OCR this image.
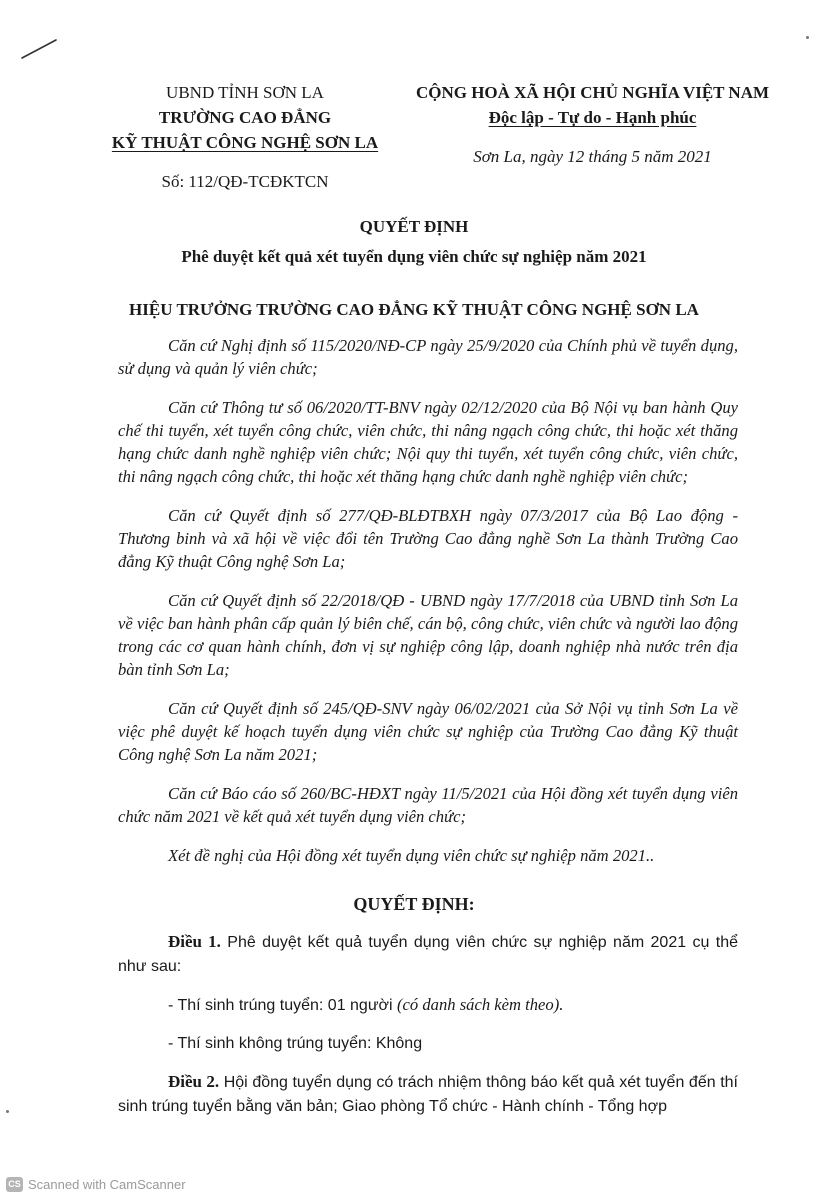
UBND TỈNH SƠN LA
TRƯỜNG CAO ĐẲNG
KỸ THUẬT CÔNG NGHỆ SƠN LA
Số: 112/QĐ-TCĐKTCN
CỘNG HOÀ XÃ HỘI CHỦ NGHĨA VIỆT NAM
Độc lập - Tự do - Hạnh phúc
Sơn La, ngày 12 tháng 5 năm 2021
QUYẾT ĐỊNH
Phê duyệt kết quả xét tuyển dụng viên chức sự nghiệp năm 2021
HIỆU TRƯỞNG TRƯỜNG CAO ĐẲNG KỸ THUẬT CÔNG NGHỆ SƠN LA

Căn cứ Nghị định số 115/2020/NĐ-CP ngày 25/9/2020 của Chính phủ về tuyển dụng, sử dụng và quản lý viên chức;

Căn cứ Thông tư số 06/2020/TT-BNV ngày 02/12/2020 của Bộ Nội vụ ban hành Quy chế thi tuyển, xét tuyển công chức, viên chức, thi nâng ngạch công chức, thi hoặc xét thăng hạng chức danh nghề nghiệp viên chức; Nội quy thi tuyển, xét tuyển công chức, viên chức, thi nâng ngạch công chức, thi hoặc xét thăng hạng chức danh nghề nghiệp viên chức;

Căn cứ Quyết định số 277/QĐ-BLĐTBXH ngày 07/3/2017 của Bộ Lao động - Thương binh và xã hội về việc đổi tên Trường Cao đẳng nghề Sơn La thành Trường Cao đẳng Kỹ thuật Công nghệ Sơn La;

Căn cứ Quyết định số 22/2018/QĐ - UBND ngày 17/7/2018 của UBND tỉnh Sơn La về việc ban hành phân cấp quản lý biên chế, cán bộ, công chức, viên chức và người lao động trong các cơ quan hành chính, đơn vị sự nghiệp công lập, doanh nghiệp nhà nước trên địa bàn tỉnh Sơn La;

Căn cứ Quyết định số 245/QĐ-SNV ngày 06/02/2021 của Sở Nội vụ tỉnh Sơn La về việc phê duyệt kế hoạch tuyển dụng viên chức sự nghiệp của Trường Cao đẳng Kỹ thuật Công nghệ Sơn La năm 2021;

Căn cứ Báo cáo số 260/BC-HĐXT ngày 11/5/2021 của Hội đồng xét tuyển dụng viên chức năm 2021 về kết quả xét tuyển dụng viên chức;

Xét đề nghị của Hội đồng xét tuyển dụng viên chức sự nghiệp năm 2021..

QUYẾT ĐỊNH:

Điều 1. Phê duyệt kết quả tuyển dụng viên chức sự nghiệp năm 2021 cụ thể như sau:

- Thí sinh trúng tuyển: 01 người (có danh sách kèm theo).

- Thí sinh không trúng tuyển: Không

Điều 2. Hội đồng tuyển dụng có trách nhiệm thông báo kết quả xét tuyển đến thí sinh trúng tuyển bằng văn bản; Giao phòng Tổ chức - Hành chính - Tổng hợp

CS Scanned with CamScanner
